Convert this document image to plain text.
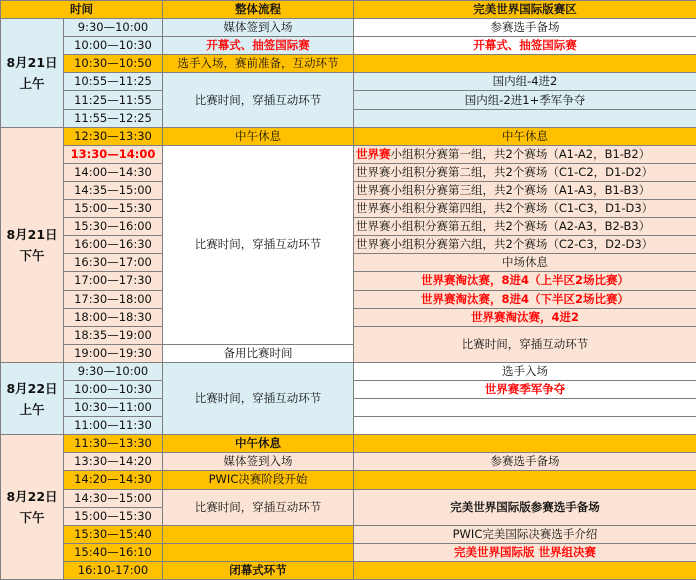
时间		整体流程	完美世界国际版赛区	
8月21日
上午	9:30—10:00	媒体签到入场	参赛选手备场	
	10:00—10:30	开幕式、抽签国际赛	开幕式、抽签国际赛	
	10:30—10:50	选手入场，赛前准备，互动环节		
	10:55—11:25	比赛时间，穿插互动环节	国内组-4进2	
	11:25—11:55		国内组-2进1+季军争夺	
	11:55—12:25			
8月21日
下午	12:30—13:30	中午休息	中午休息	
	13:30—14:00	比赛时间，穿插互动环节	世界赛小组积分赛第一组，共2个赛场（A1-A2，B1-B2）	
	14:00—14:30		世界赛小组积分赛第二组，共2个赛场（C1-C2，D1-D2）	
	14:35—15:00		世界赛小组积分赛第三组，共2个赛场（A1-A3，B1-B3）	
	15:00—15:30		世界赛小组积分赛第四组，共2个赛场（C1-C3，D1-D3）	
	15:30—16:00		世界赛小组积分赛第五组，共2个赛场（A2-A3，B2-B3）	
	16:00—16:30		世界赛小组积分赛第六组，共2个赛场（C2-C3，D2-D3）	
	16:30—17:00		中场休息	
	17:00—17:30		世界赛淘汰赛，8进4（上半区2场比赛）	
	17:30—18:00		世界赛淘汰赛，8进4（下半区2场比赛）	
	18:00—18:30		世界赛淘汰赛，4进2	
	18:35—19:00		比赛时间，穿插互动环节	
	19:00—19:30	备用比赛时间		
8月22日
上午	9:30—10:00	比赛时间，穿插互动环节	选手入场	
	10:00—10:30		世界赛季军争夺	
	10:30—11:00			
	11:00—11:30			
8月22日
下午	11:30—13:30	中午休息		
	13:30—14:20	媒体签到入场	参赛选手备场	
	14:20—14:30	PWIC决赛阶段开始		
	14:30—15:00	比赛时间，穿插互动环节	完美世界国际版参赛选手备场	
	15:00—15:30			
	15:30—15:40		PWIC完美国际决赛选手介绍	
	15:40—16:10		完美世界国际版 世界组决赛	
	16:10-17:00	闭幕式环节		
